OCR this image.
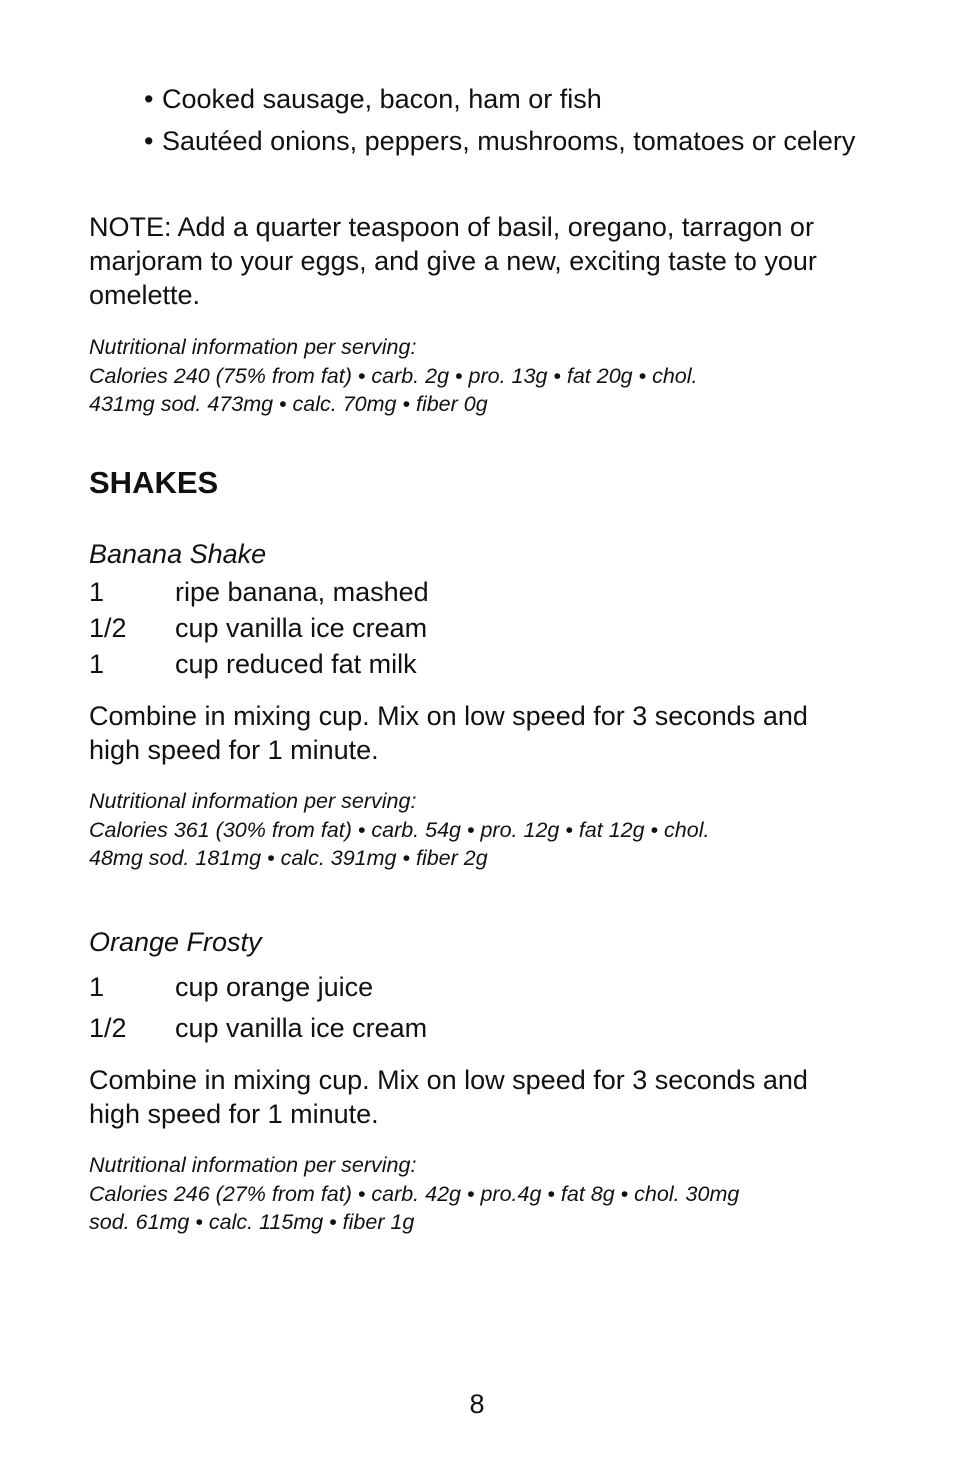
• Cooked sausage, bacon, ham or fish
• Sautéed onions, peppers, mushrooms, tomatoes or celery
NOTE: Add a quarter teaspoon of basil, oregano, tarragon or marjoram to your eggs, and give a new, exciting taste to your omelette.
Nutritional information per serving:
Calories 240 (75% from fat) • carb. 2g • pro. 13g • fat 20g • chol.
431mg sod. 473mg • calc. 70mg • fiber 0g
SHAKES
Banana Shake
1	ripe banana, mashed
1/2 cup vanilla ice cream
1	cup reduced fat milk
Combine in mixing cup. Mix on low speed for 3 seconds and high speed for 1 minute.
Nutritional information per serving:
Calories 361 (30% from fat) • carb. 54g • pro. 12g • fat 12g • chol.
48mg sod. 181mg • calc. 391mg • fiber 2g
Orange Frosty
1	cup orange juice
1/2 cup vanilla ice cream
Combine in mixing cup. Mix on low speed for 3 seconds and high speed for 1 minute.
Nutritional information per serving:
Calories 246 (27% from fat) • carb. 42g • pro.4g • fat 8g • chol. 30mg
sod. 61mg • calc. 115mg • fiber 1g
8
